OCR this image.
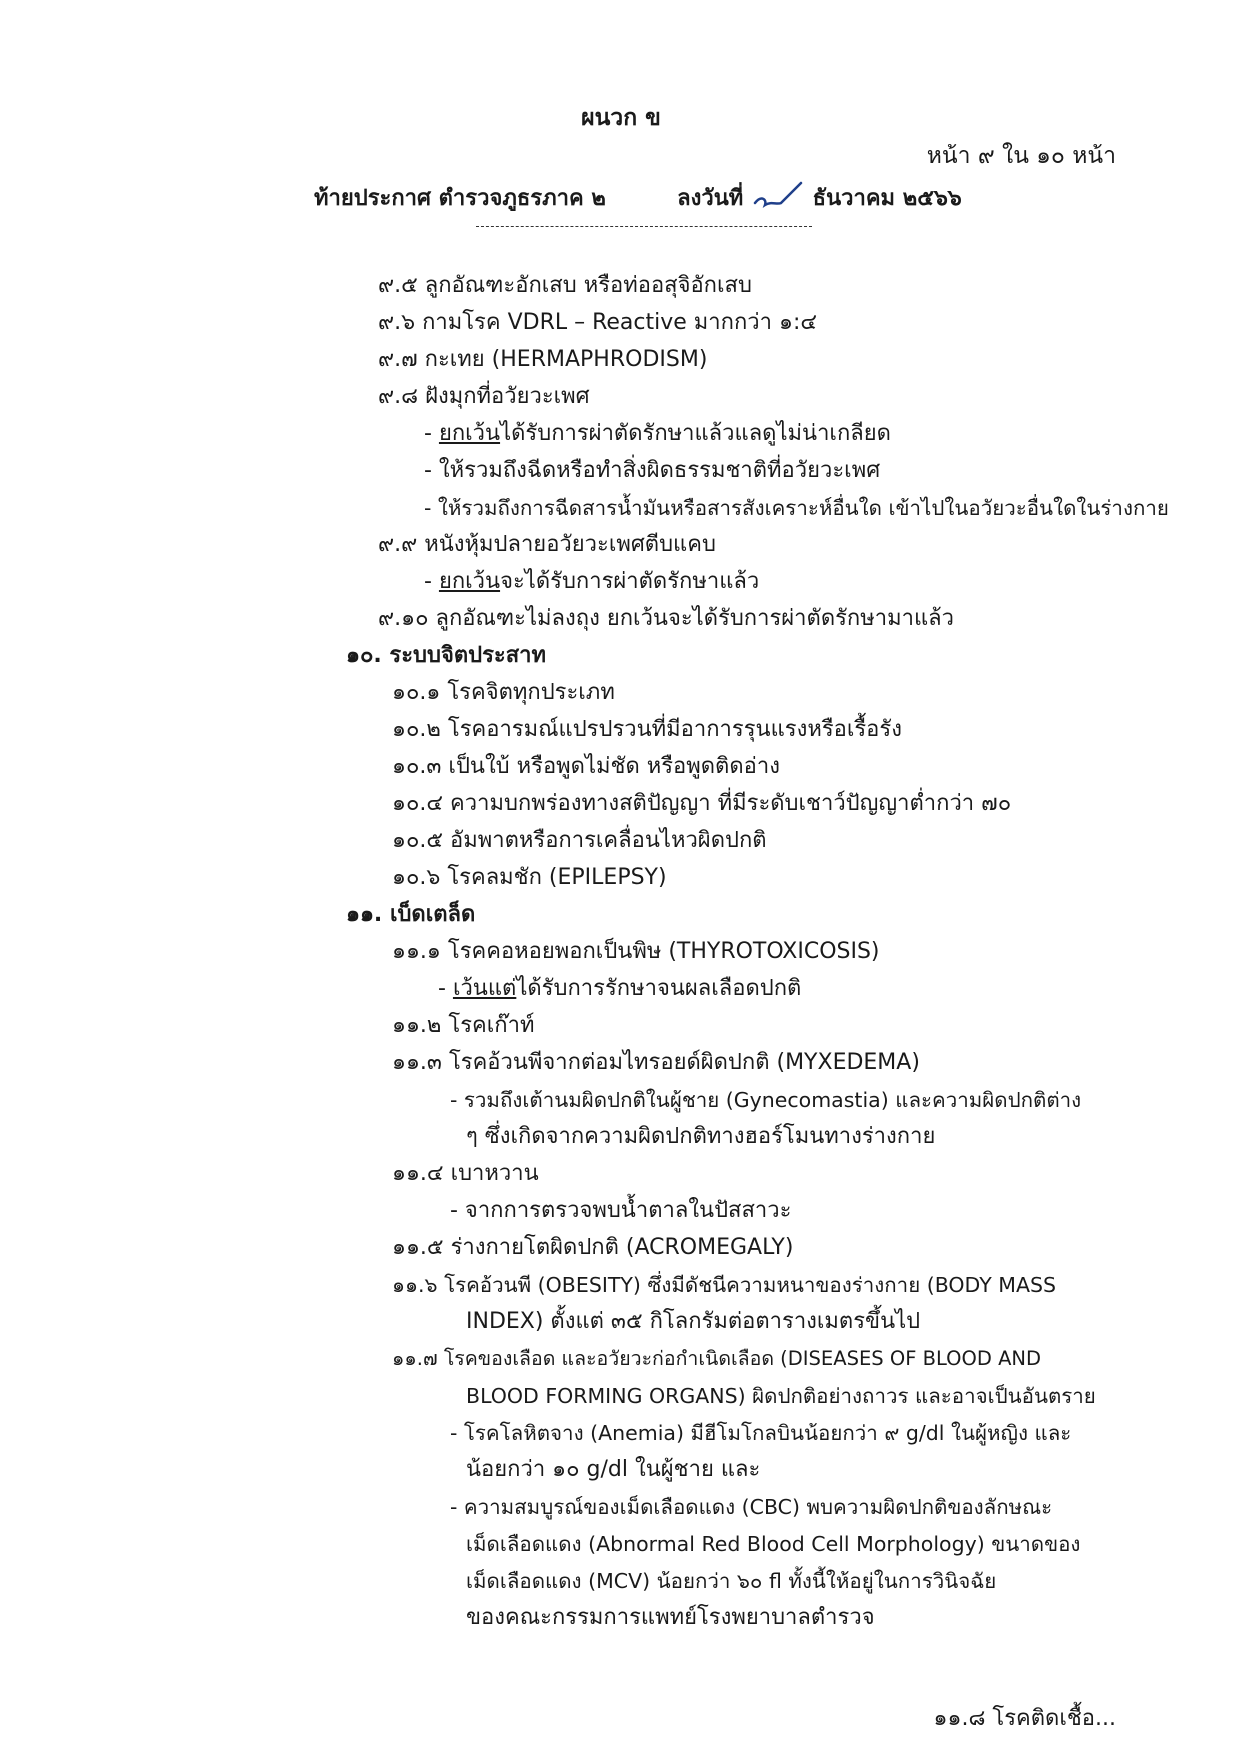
ผนวก ข
หน้า ๙ ใน ๑๐ หน้า
ท้ายประกาศ ตำรวจภูธรภาค ๒	ลงวันที่	ธันวาคม ๒๕๖๖
๙.๕ ลูกอัณฑะอักเสบ หรือท่ออสุจิอักเสบ
๙.๖ กามโรค VDRL – Reactive มากกว่า ๑:๔
๙.๗ กะเทย (HERMAPHRODISM)
๙.๘ ฝังมุกที่อวัยวะเพศ
- ยกเว้นได้รับการผ่าตัดรักษาแล้วแลดูไม่น่าเกลียด
- ให้รวมถึงฉีดหรือทำสิ่งผิดธรรมชาติที่อวัยวะเพศ
- ให้รวมถึงการฉีดสารน้ำมันหรือสารสังเคราะห์อื่นใด เข้าไปในอวัยวะอื่นใดในร่างกาย
๙.๙ หนังหุ้มปลายอวัยวะเพศตีบแคบ
- ยกเว้นจะได้รับการผ่าตัดรักษาแล้ว
๙.๑๐ ลูกอัณฑะไม่ลงถุง ยกเว้นจะได้รับการผ่าตัดรักษามาแล้ว
๑๐. ระบบจิตประสาท
๑๐.๑ โรคจิตทุกประเภท
๑๐.๒ โรคอารมณ์แปรปรวนที่มีอาการรุนแรงหรือเรื้อรัง
๑๐.๓ เป็นใบ้ หรือพูดไม่ชัด หรือพูดติดอ่าง
๑๐.๔ ความบกพร่องทางสติปัญญา ที่มีระดับเชาว์ปัญญาต่ำกว่า ๗๐
๑๐.๕ อัมพาตหรือการเคลื่อนไหวผิดปกติ
๑๐.๖ โรคลมชัก (EPILEPSY)
๑๑. เบ็ดเตล็ด
๑๑.๑ โรคคอหอยพอกเป็นพิษ (THYROTOXICOSIS)
- เว้นแต่ได้รับการรักษาจนผลเลือดปกติ
๑๑.๒ โรคเก๊าท์
๑๑.๓ โรคอ้วนพีจากต่อมไทรอยด์ผิดปกติ (MYXEDEMA)
- รวมถึงเต้านมผิดปกติในผู้ชาย (Gynecomastia) และความผิดปกติต่าง
ๆ ซึ่งเกิดจากความผิดปกติทางฮอร์โมนทางร่างกาย
๑๑.๔ เบาหวาน
- จากการตรวจพบน้ำตาลในปัสสาวะ
๑๑.๕ ร่างกายโตผิดปกติ (ACROMEGALY)
๑๑.๖ โรคอ้วนพี (OBESITY) ซึ่งมีดัชนีความหนาของร่างกาย (BODY MASS
INDEX) ตั้งแต่ ๓๕ กิโลกรัมต่อตารางเมตรขึ้นไป
๑๑.๗ โรคของเลือด และอวัยวะก่อกำเนิดเลือด (DISEASES OF BLOOD AND
BLOOD FORMING ORGANS) ผิดปกติอย่างถาวร และอาจเป็นอันตราย
- โรคโลหิตจาง (Anemia) มีฮีโมโกลบินน้อยกว่า ๙ g/dl ในผู้หญิง และ
น้อยกว่า ๑๐ g/dl ในผู้ชาย และ
- ความสมบูรณ์ของเม็ดเลือดแดง (CBC) พบความผิดปกติของลักษณะ
เม็ดเลือดแดง (Abnormal Red Blood Cell Morphology) ขนาดของ
เม็ดเลือดแดง (MCV) น้อยกว่า ๖๐ fl ทั้งนี้ให้อยู่ในการวินิจฉัย
ของคณะกรรมการแพทย์โรงพยาบาลตำรวจ
๑๑.๘ โรคติดเชื้อ...
